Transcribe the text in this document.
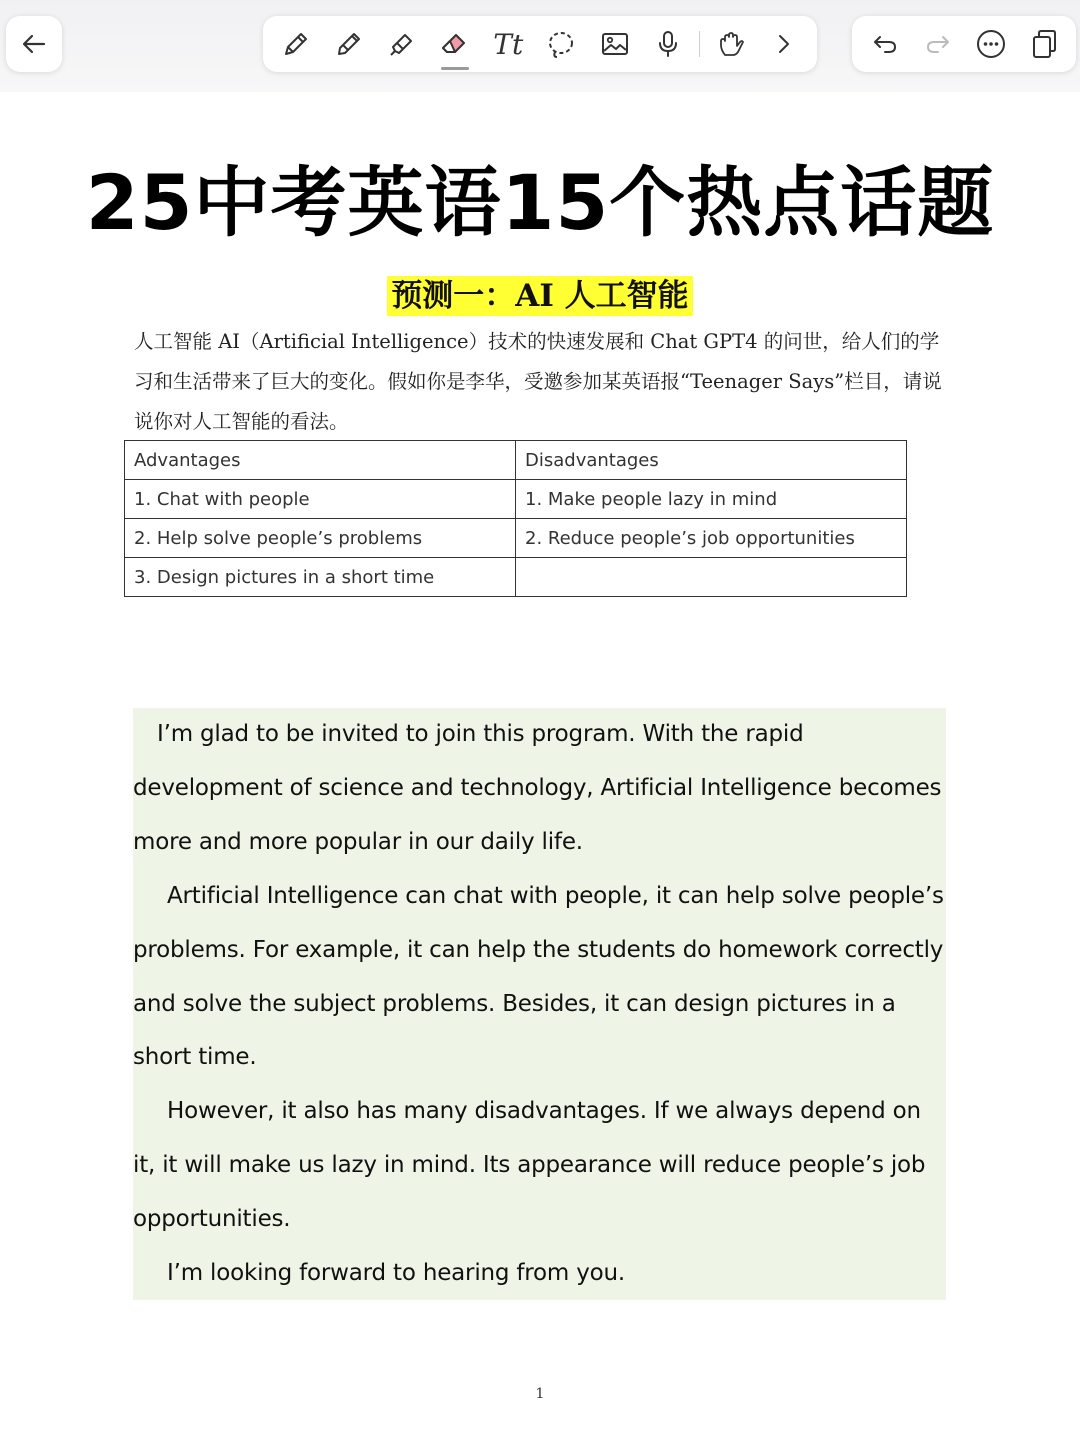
Tt
25中考英语15个热点话题
预测一：AI 人工智能
人工智能 AI（Artificial Intelligence）技术的快速发展和 Chat GPT4 的问世，给人们的学习和生活带来了巨大的变化。假如你是李华，受邀参加某英语报“Teenager Says”栏目，请说说你对人工智能的看法。
Advantages	Disadvantages
1. Chat with people	1. Make people lazy in mind
2. Help solve people’s problems	2. Reduce people’s job opportunities
3. Design pictures in a short time	

I’m glad to be invited to join this program. With the rapid development of science and technology, Artificial Intelligence becomes more and more popular in our daily life.

Artificial Intelligence can chat with people, it can help solve people’s problems. For example, it can help the students do homework correctly and solve the subject problems. Besides, it can design pictures in a short time.

However, it also has many disadvantages. If we always depend on it, it will make us lazy in mind. Its appearance will reduce people’s job opportunities.

I’m looking forward to hearing from you.

1
